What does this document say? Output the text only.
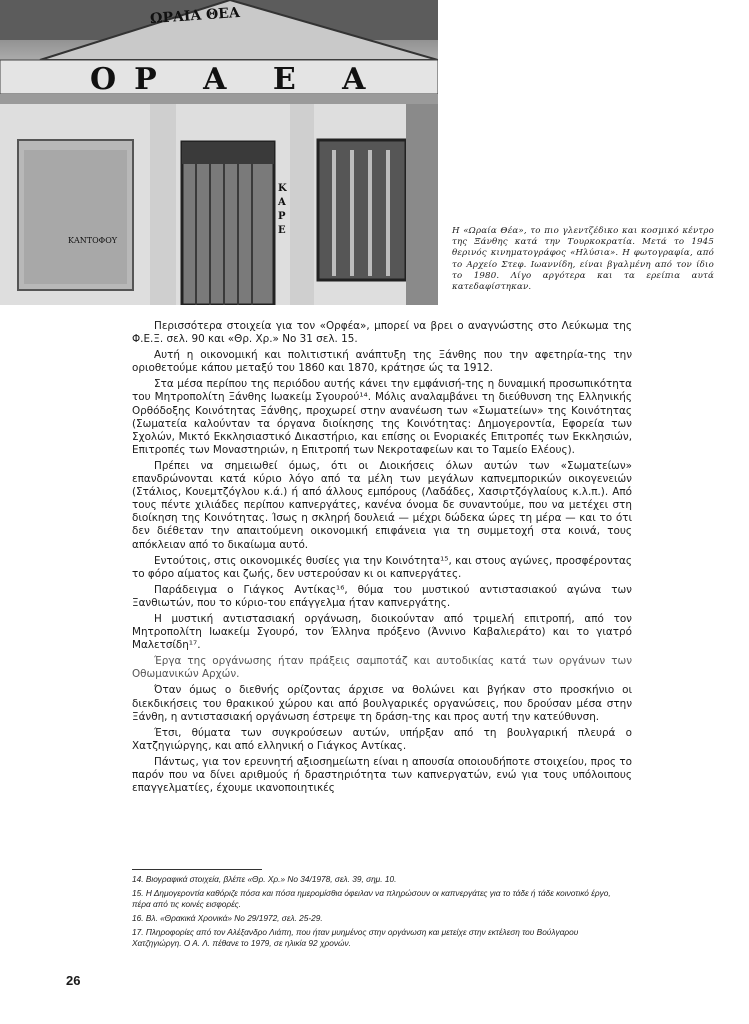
ΩΡΑΙΑ ΘΕΑ
ΟΡ Α Ε Α
ΚΑΝΤΟΦΟΥ
ΚΑΡΕ	Η «Ωραία Θέα», το πιο γλεντζέδικο και κοσμικό κέντρο της Ξάνθης κατά την Τουρκοκρατία. Μετά το 1945 θερινός κινηματογράφος «Ηλύσια». Η φωτογραφία, από το Αρχείο Στεφ. Ιωαννίδη, είναι βγαλμένη από τον ίδιο το 1980. Λίγο αργότερα και τα ερείπια αυτά κατεδαφίστηκαν.

Περισσότερα στοιχεία για τον «Ορφέα», μπορεί να βρει ο αναγνώστης στο Λεύκωμα της Φ.Ε.Ξ. σελ. 90 και «Θρ. Χρ.» Νο 31 σελ. 15.

Αυτή η οικονομική και πολιτιστική ανάπτυξη της Ξάνθης που την αφετηρία-της την οριοθετούμε κάπου μεταξύ του 1860 και 1870, κράτησε ώς τα 1912.

Στα μέσα περίπου της περιόδου αυτής κάνει την εμφάνισή-της η δυναμική προσωπικότητα του Μητροπολίτη Ξάνθης Ιωακείμ Σγουρού¹⁴. Μόλις αναλαμβάνει τη διεύθυνση της Ελληνικής Ορθόδοξης Κοινότητας Ξάνθης, προχωρεί στην ανανέωση των «Σωματείων» της Κοινότητας (Σωματεία καλούνταν τα όργανα διοίκησης της Κοινότητας: Δημογεροντία, Εφορεία των Σχολών, Μικτό Εκκλησιαστικό Δικαστήριο, και επίσης οι Ενοριακές Επιτροπές των Εκκλησιών, Επιτροπές των Μοναστηριών, η Επιτροπή των Νεκροταφείων και το Ταμείο Ελέους).

Πρέπει να σημειωθεί όμως, ότι οι Διοικήσεις όλων αυτών των «Σωματείων» επανδρώνονται κατά κύριο λόγο από τα μέλη των μεγάλων καπνεμπορικών οικογενειών (Στάλιος, Κουεμτζόγλου κ.ά.) ή από άλλους εμπόρους (Λαδάδες, Χασιρτζόγλαίους κ.λ.π.). Από τους πέντε χιλιάδες περίπου καπνεργάτες, κανένα όνομα δε συναντούμε, που να μετέχει στη διοίκηση της Κοινότητας. Ίσως η σκληρή δουλειά — μέχρι δώδεκα ώρες τη μέρα — και το ότι δεν διέθεταν την απαιτούμενη οικονομική επιφάνεια για τη συμμετοχή στα κοινά, τους απόκλειαν από το δικαίωμα αυτό.

Εντούτοις, στις οικονομικές θυσίες για την Κοινότητα¹⁵, και στους αγώνες, προσφέροντας το φόρο αίματος και ζωής, δεν υστερούσαν κι οι καπνεργάτες.

Παράδειγμα ο Γιάγκος Αντίκας¹⁶, θύμα του μυστικού αντιστασιακού αγώνα των Ξανθιωτών, που το κύριο-του επάγγελμα ήταν καπνεργάτης.

Η μυστική αντιστασιακή οργάνωση, διοικούνταν από τριμελή επιτροπή, από τον Μητροπολίτη Ιωακείμ Σγουρό, τον Έλληνα πρόξενο (Άννινο Καβαλιεράτο) και το γιατρό Μαλετσίδη¹⁷.

Έργα της οργάνωσης ήταν πράξεις σαμποτάζ και αυτοδικίας κατά των οργάνων των Οθωμανικών Αρχών.

Όταν όμως ο διεθνής ορίζοντας άρχισε να θολώνει και βγήκαν στο προσκήνιο οι διεκδικήσεις του θρακικού χώρου και από βουλγαρικές οργανώσεις, που δρούσαν μέσα στην Ξάνθη, η αντιστασιακή οργάνωση έστρεψε τη δράση-της και προς αυτή την κατεύθυνση.

Έτσι, θύματα των συγκρούσεων αυτών, υπήρξαν από τη βουλγαρική πλευρά ο Χατζηγιώργης, και από ελληνική ο Γιάγκος Αντίκας.

Πάντως, για τον ερευνητή αξιοσημείωτη είναι η απουσία οποιουδήποτε στοιχείου, προς το παρόν που να δίνει αριθμούς ή δραστηριότητα των καπνεργατών, ενώ για τους υπόλοιπους επαγγελματίες, έχουμε ικανοποιητικές

14. Βιογραφικά στοιχεία, βλέπε «Θρ. Χρ.» Νο 34/1978, σελ. 39, σημ. 10.

15. Η Δημογεροντία καθόριζε πόσα και πόσα ημερομίσθια όφειλαν να πληρώσουν οι καπνεργάτες για το τάδε ή τάδε κοινοτικό έργο, πέρα από τις κοινές εισφορές.

16. Βλ. «Θρακικά Χρονικά» Νο 29/1972, σελ. 25-29.

17. Πληροφορίες από τον Αλέξανδρο Λιάπη, που ήταν μυημένος στην οργάνωση και μετείχε στην εκτέλεση του Βούλγαρου Χατζηγιώργη. Ο Α. Λ. πέθανε το 1979, σε ηλικία 92 χρονών.

26
